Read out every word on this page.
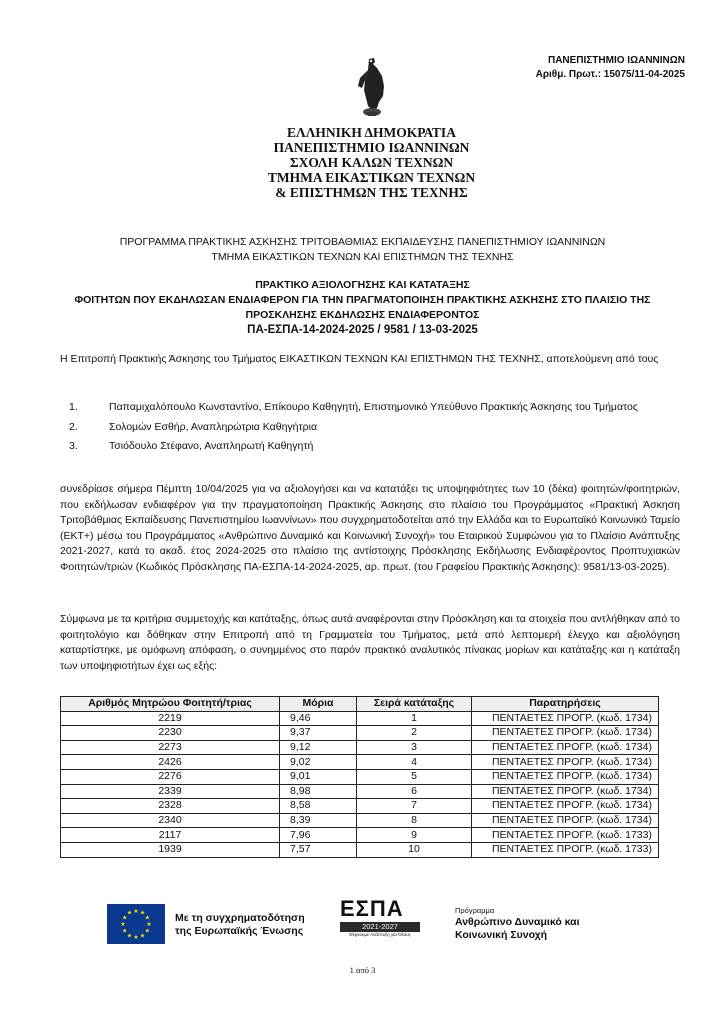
ΠΑΝΕΠΙΣΤΗΜΙΟ ΙΩΑΝΝΙΝΩΝ
Αριθμ. Πρωτ.: 15075/11-04-2025
ΕΛΛΗΝΙΚΗ ΔΗΜΟΚΡΑΤΙΑ
ΠΑΝΕΠΙΣΤΗΜΙΟ ΙΩΑΝΝΙΝΩΝ
ΣΧΟΛΗ ΚΑΛΩΝ ΤΕΧΝΩΝ
ΤΜΗΜΑ ΕΙΚΑΣΤΙΚΩΝ ΤΕΧΝΩΝ
& ΕΠΙΣΤΗΜΩΝ ΤΗΣ ΤΕΧΝΗΣ
ΠΡΟΓΡΑΜΜΑ ΠΡΑΚΤΙΚΗΣ ΑΣΚΗΣΗΣ ΤΡΙΤΟΒΑΘΜΙΑΣ ΕΚΠΑΙΔΕΥΣΗΣ ΠΑΝΕΠΙΣΤΗΜΙΟΥ ΙΩΑΝΝΙΝΩΝ
ΤΜΗΜΑ ΕΙΚΑΣΤΙΚΩΝ ΤΕΧΝΩΝ ΚΑΙ ΕΠΙΣΤΗΜΩΝ ΤΗΣ ΤΕΧΝΗΣ
ΠΡΑΚΤΙΚΟ ΑΞΙΟΛΟΓΗΣΗΣ ΚΑΙ ΚΑΤΑΤΑΞΗΣ
ΦΟΙΤΗΤΩΝ ΠΟΥ ΕΚΔΗΛΩΣΑΝ ΕΝΔΙΑΦΕΡΟΝ ΓΙΑ ΤΗΝ ΠΡΑΓΜΑΤΟΠΟΙΗΣΗ ΠΡΑΚΤΙΚΗΣ ΑΣΚΗΣΗΣ ΣΤΟ ΠΛΑΙΣΙΟ ΤΗΣ
ΠΡΟΣΚΛΗΣΗΣ ΕΚΔΗΛΩΣΗΣ ΕΝΔΙΑΦΕΡΟΝΤΟΣ
ΠΑ-ΕΣΠΑ-14-2024-2025 / 9581 / 13-03-2025
Η Επιτροπή Πρακτικής Άσκησης του Τμήματος ΕΙΚΑΣΤΙΚΩΝ ΤΕΧΝΩΝ ΚΑΙ ΕΠΙΣΤΗΜΩΝ ΤΗΣ ΤΕΧΝΗΣ, αποτελούμενη από τους
1.	Παπαμιχαλόπουλο Κωνσταντίνο, Επίκουρο Καθηγητή, Επιστημονικό Υπεύθυνο Πρακτικής Άσκησης του Τμήματος
2.	Σολομών Εσθήρ, Αναπληρώτρια Καθηγήτρια
3.	Τσιόδουλο Στέφανο, Αναπληρωτή Καθηγητή
συνεδρίασε σήμερα Πέμπτη 10/04/2025 για να αξιολογήσει και να κατατάξει τις υποψηφιότητες των 10 (δέκα) φοιτητών/φοιτητριών, που εκδήλωσαν ενδιαφέρον για την πραγματοποίηση Πρακτικής Άσκησης στο πλαίσιο του Προγράμματος «Πρακτική Άσκηση Τριτοβάθμιας Εκπαίδευσης Πανεπιστημίου Ιωαννίνων» που συγχρηματοδοτείται από την Ελλάδα και το Ευρωπαϊκό Κοινωνικό Ταμείο (ΕΚΤ+) μέσω του Προγράμματος «Ανθρώπινο Δυναμικό και Κοινωνική Συνοχή» του Εταιρικού Συμφώνου για το Πλαίσιο Ανάπτυξης 2021-2027, κατά το ακαδ. έτος 2024-2025 στο πλαίσιο της αντίστοιχης Πρόσκλησης Εκδήλωσης Ενδιαφέροντος Προπτυχιακών Φοιτητών/τριών (Κωδικός Πρόσκλησης ΠΑ-ΕΣΠΑ-14-2024-2025, αρ. πρωτ. (του Γραφείου Πρακτικής Άσκησης): 9581/13-03-2025).
Σύμφωνα με τα κριτήρια συμμετοχής και κατάταξης, όπως αυτά αναφέρονται στην Πρόσκληση και τα στοιχεία που αντλήθηκαν από το φοιτητολόγιο και δόθηκαν στην Επιτροπή από τη Γραμματεία του Τμήματος, μετά από λεπτομερή έλεγχο και αξιολόγηση καταρτίστηκε, με ομόφωνη απόφαση, ο συνημμένος στο παρόν πρακτικό αναλυτικός πίνακας μορίων και κατάταξης και η κατάταξη των υποψηφιοτήτων έχει ως εξής:
Αριθμός Μητρώου Φοιτητή/τριας	Μόρια	Σειρά κατάταξης	Παρατηρήσεις
2219	9,46	1	ΠΕΝΤΑΕΤΕΣ ΠΡΟΓΡ. (κωδ. 1734)
2230	9,37	2	ΠΕΝΤΑΕΤΕΣ ΠΡΟΓΡ. (κωδ. 1734)
2273	9,12	3	ΠΕΝΤΑΕΤΕΣ ΠΡΟΓΡ. (κωδ. 1734)
2426	9,02	4	ΠΕΝΤΑΕΤΕΣ ΠΡΟΓΡ. (κωδ. 1734)
2276	9,01	5	ΠΕΝΤΑΕΤΕΣ ΠΡΟΓΡ. (κωδ. 1734)
2339	8,98	6	ΠΕΝΤΑΕΤΕΣ ΠΡΟΓΡ. (κωδ. 1734)
2328	8,58	7	ΠΕΝΤΑΕΤΕΣ ΠΡΟΓΡ. (κωδ. 1734)
2340	8,39	8	ΠΕΝΤΑΕΤΕΣ ΠΡΟΓΡ. (κωδ. 1734)
2117	7,96	9	ΠΕΝΤΑΕΤΕΣ ΠΡΟΓΡ. (κωδ. 1733)
1939	7,57	10	ΠΕΝΤΑΕΤΕΣ ΠΡΟΓΡ. (κωδ. 1733)
★ ★
★
★
★
★
★
★
★
★
★
★	Με τη συγχρηματοδότηση
της Ευρωπαϊκής Ένωσης
ΕΣΠΑ
2021-2027
Φέρνουμε Ανάπτυξη για Όλους
Πρόγραμμα
Ανθρώπινο Δυναμικό και
Κοινωνική Συνοχή
1 από 3
